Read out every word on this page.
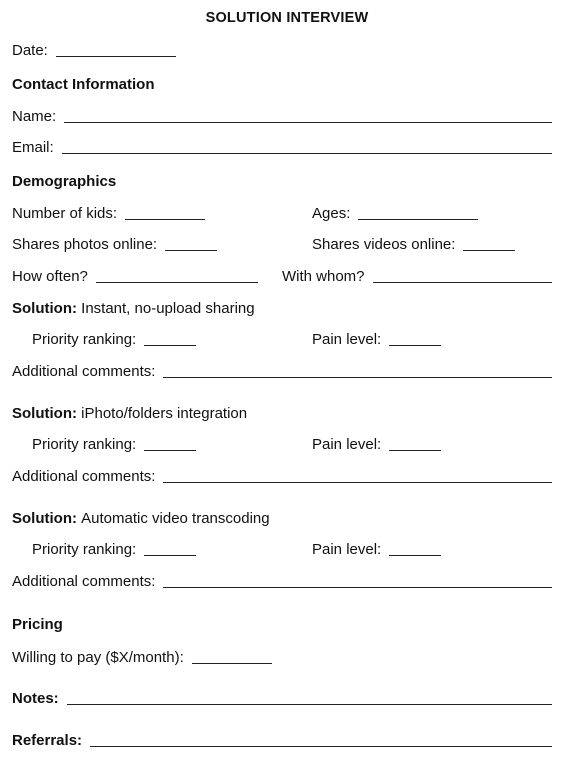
SOLUTION INTERVIEW
Date:
Contact Information
Name:
Email:
Demographics
Number of kids:	Ages:
Shares photos online:	Shares videos online:
How often?	With whom?
Solution:
Instant, no-upload sharing
Priority ranking:	Pain level:
Additional comments:
Solution:
iPhoto/folders integration
Priority ranking:	Pain level:
Additional comments:
Solution:
Automatic video transcoding
Priority ranking:	Pain level:
Additional comments:
Pricing
Willing to pay ($X/month):
Notes:
Referrals:
